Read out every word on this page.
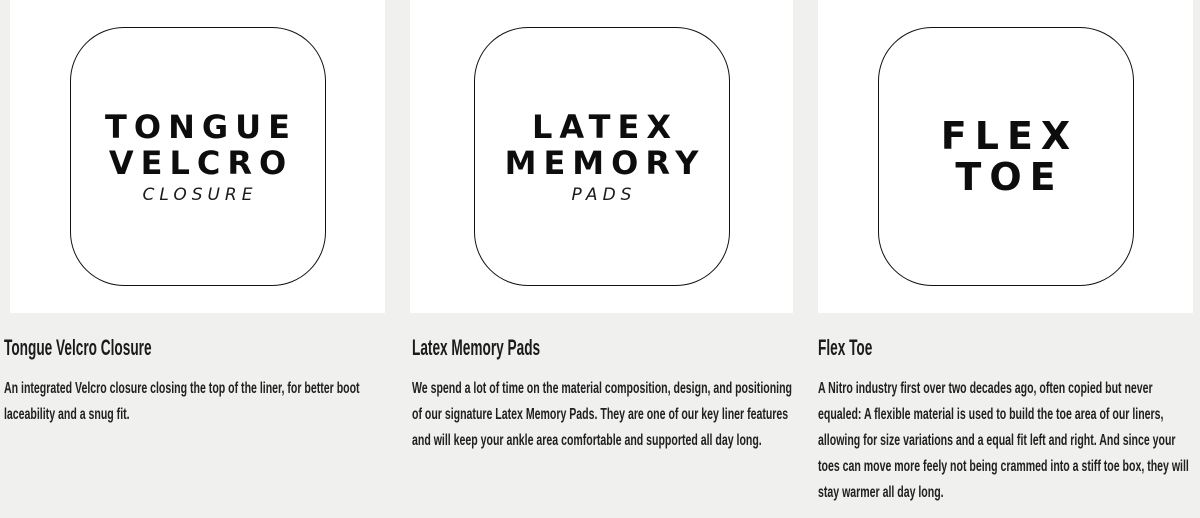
TONGUE
VELCRO
CLOSURE
LATEX
MEMORY
PADS
FLEX
TOE
Tongue Velcro Closure
An integrated Velcro closure closing the top of the liner, for better boot
laceability and a snug fit.
Latex Memory Pads
We spend a lot of time on the material composition, design, and positioning
of our signature Latex Memory Pads. They are one of our key liner features
and will keep your ankle area comfortable and supported all day long.
Flex Toe
A Nitro industry first over two decades ago, often copied but never
equaled: A flexible material is used to build the toe area of our liners,
allowing for size variations and a equal fit left and right. And since your
toes can move more feely not being crammed into a stiff toe box, they will
stay warmer all day long.
